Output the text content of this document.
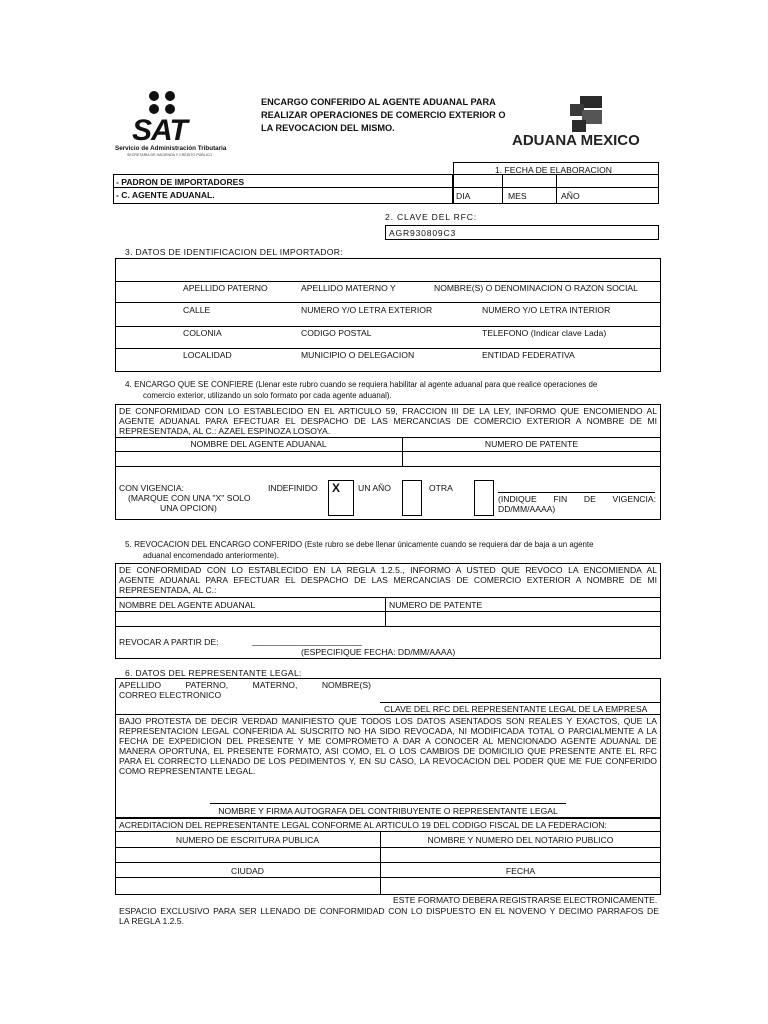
SAT
Servicio de Administración Tributaria
SECRETARÍA DE HACIENDA Y CRÉDITO PÚBLICO
ENCARGO CONFERIDO AL AGENTE ADUANAL PARA
REALIZAR OPERACIONES DE COMERCIO EXTERIOR O
LA REVOCACION DEL MISMO.
ADUANA MEXICO
1. FECHA DE ELABORACION
DIA	MES	AÑO
- PADRON DE IMPORTADORES
- C. AGENTE ADUANAL.
2. CLAVE DEL RFC:
AGR930809C3
3. DATOS DE IDENTIFICACION DEL IMPORTADOR:
APELLIDO PATERNO	APELLIDO MATERNO Y	NOMBRE(S) O DENOMINACION O RAZON SOCIAL
CALLE	NUMERO Y/O LETRA EXTERIOR	NUMERO Y/O LETRA INTERIOR
COLONIA	CODIGO POSTAL	TELEFONO (Indicar clave Lada)
LOCALIDAD	MUNICIPIO O DELEGACION	ENTIDAD FEDERATIVA
4. ENCARGO QUE SE CONFIERE (Llenar este rubro cuando se requiera habilitar al agente aduanal para que realice operaciones de
comercio exterior, utilizando un solo formato por cada agente aduanal).
DE CONFORMIDAD CON LO ESTABLECIDO EN EL ARTICULO 59, FRACCION III DE LA LEY, INFORMO QUE ENCOMIENDO AL
AGENTE ADUANAL PARA EFECTUAR EL DESPACHO DE LAS MERCANCIAS DE COMERCIO EXTERIOR A NOMBRE DE MI
REPRESENTADA, AL C.: AZAEL ESPINOZA LOSOYA.
NOMBRE DEL AGENTE ADUANAL	NUMERO DE PATENTE
CON VIGENCIA:
(MARQUE CON UNA "X" SOLO
UNA OPCION)
INDEFINIDO X UN AÑO	OTRA
(INDIQUE FIN DE VIGENCIA:
DD/MM/AAAA)
5. REVOCACION DEL ENCARGO CONFERIDO (Este rubro se debe llenar únicamente cuando se requiera dar de baja a un agente
aduanal encomendado anteriormente).
DE CONFORMIDAD CON LO ESTABLECIDO EN LA REGLA 1.2.5., INFORMO A USTED QUE REVOCO LA ENCOMIENDA AL
AGENTE ADUANAL PARA EFECTUAR EL DESPACHO DE LAS MERCANCIAS DE COMERCIO EXTERIOR A NOMBRE DE MI
REPRESENTADA, AL C.:
NOMBRE DEL AGENTE ADUANAL	NUMERO DE PATENTE
REVOCAR A PARTIR DE:	_______________________
(ESPECIFIQUE FECHA: DD/MM/AAAA)
6. DATOS DEL REPRESENTANTE LEGAL:
APELLIDO PATERNO,	MATERNO,	NOMBRE(S)
CORREO ELECTRONICO
CLAVE DEL RFC DEL REPRESENTANTE LEGAL DE LA EMPRESA
BAJO PROTESTA DE DECIR VERDAD MANIFIESTO QUE TODOS LOS DATOS ASENTADOS SON REALES Y EXACTOS, QUE LA
REPRESENTACION LEGAL CONFERIDA AL SUSCRITO NO HA SIDO REVOCADA, NI MODIFICADA TOTAL O PARCIALMENTE A LA
FECHA DE EXPEDICION DEL PRESENTE Y ME COMPROMETO A DAR A CONOCER AL MENCIONADO AGENTE ADUANAL DE
MANERA OPORTUNA, EL PRESENTE FORMATO, ASI COMO, EL O LOS CAMBIOS DE DOMICILIO QUE PRESENTE ANTE EL RFC
PARA EL CORRECTO LLENADO DE LOS PEDIMENTOS Y, EN SU CASO, LA REVOCACION DEL PODER QUE ME FUE CONFERIDO
COMO REPRESENTANTE LEGAL.
NOMBRE Y FIRMA AUTOGRAFA DEL CONTRIBUYENTE O REPRESENTANTE LEGAL
ACREDITACION DEL REPRESENTANTE LEGAL CONFORME AL ARTICULO 19 DEL CODIGO FISCAL DE LA FEDERACION:
NUMERO DE ESCRITURA PUBLICA	NOMBRE Y NUMERO DEL NOTARIO PUBLICO
CIUDAD	FECHA
ESTE FORMATO DEBERA REGISTRARSE ELECTRONICAMENTE.
ESPACIO EXCLUSIVO PARA SER LLENADO DE CONFORMIDAD CON LO DISPUESTO EN EL NOVENO Y DECIMO PARRAFOS DE
LA REGLA 1.2.5.
